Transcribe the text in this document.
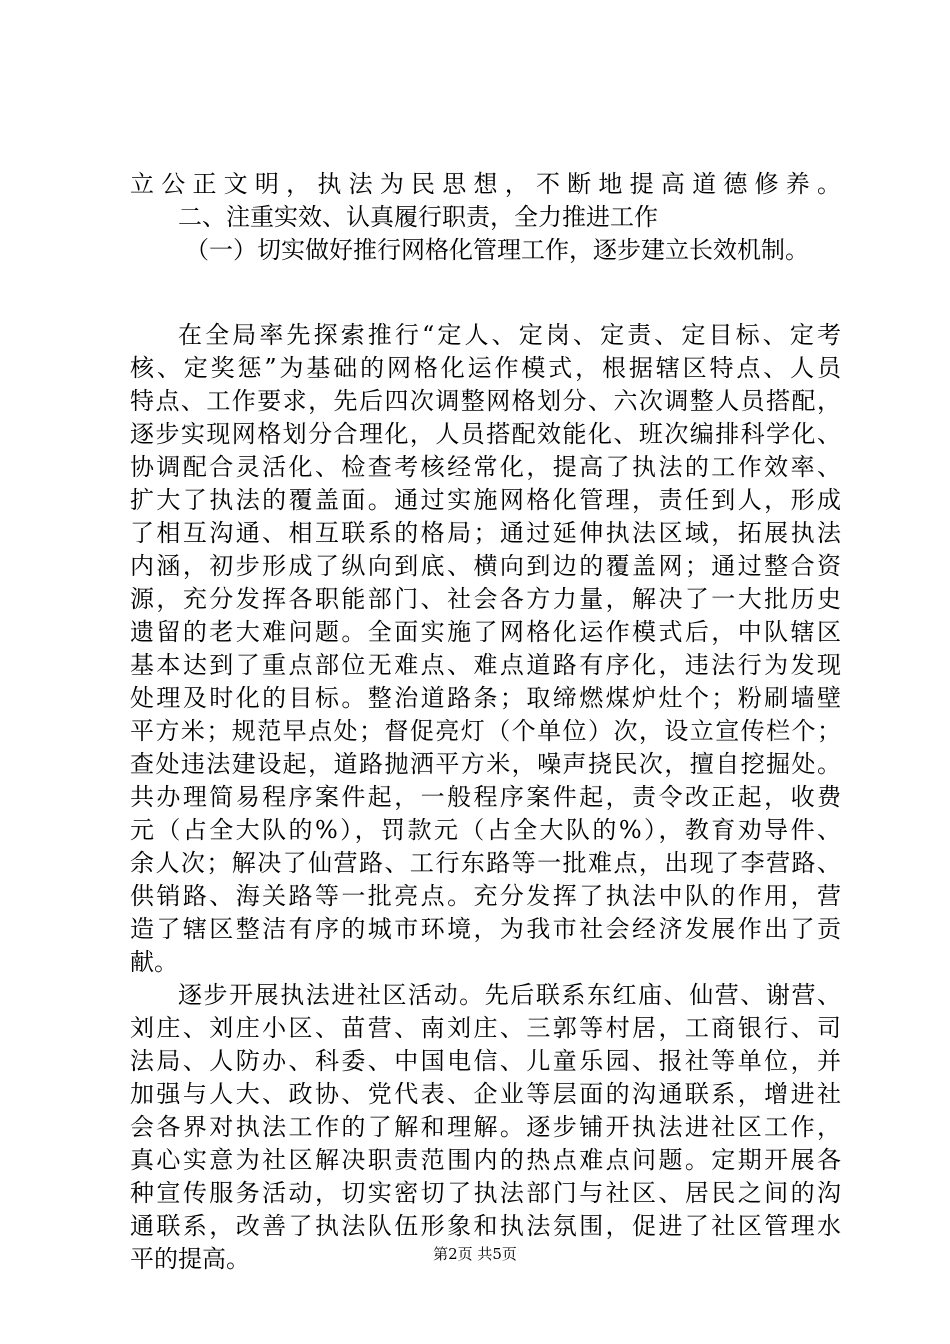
立公正文明，执法为民思想，不断地提高道德修养。
二、注重实效、认真履行职责，全力推进工作
（一）切实做好推行网格化管理工作，逐步建立长效机制。
在全局率先探索推行“定人、定岗、定责、定目标、定考
核、定奖惩”为基础的网格化运作模式，根据辖区特点、人员
特点、工作要求，先后四次调整网格划分、六次调整人员搭配，
逐步实现网格划分合理化，人员搭配效能化、班次编排科学化、
协调配合灵活化、检查考核经常化，提高了执法的工作效率、
扩大了执法的覆盖面。通过实施网格化管理，责任到人，形成
了相互沟通、相互联系的格局；通过延伸执法区域，拓展执法
内涵，初步形成了纵向到底、横向到边的覆盖网；通过整合资
源，充分发挥各职能部门、社会各方力量，解决了一大批历史
遗留的老大难问题。全面实施了网格化运作模式后，中队辖区
基本达到了重点部位无难点、难点道路有序化，违法行为发现
处理及时化的目标。整治道路条；取缔燃煤炉灶个；粉刷墙壁
平方米；规范早点处；督促亮灯（个单位）次，设立宣传栏个；
查处违法建设起，道路抛洒平方米，噪声挠民次，擅自挖掘处。
共办理简易程序案件起，一般程序案件起，责令改正起，收费
元（占全大队的%），罚款元（占全大队的%），教育劝导件、
余人次；解决了仙营路、工行东路等一批难点，出现了李营路、
供销路、海关路等一批亮点。充分发挥了执法中队的作用，营
造了辖区整洁有序的城市环境，为我市社会经济发展作出了贡
献。
逐步开展执法进社区活动。先后联系东红庙、仙营、谢营、
刘庄、刘庄小区、苗营、南刘庄、三郭等村居，工商银行、司
法局、人防办、科委、中国电信、儿童乐园、报社等单位，并
加强与人大、政协、党代表、企业等层面的沟通联系，增进社
会各界对执法工作的了解和理解。逐步铺开执法进社区工作，
真心实意为社区解决职责范围内的热点难点问题。定期开展各
种宣传服务活动，切实密切了执法部门与社区、居民之间的沟
通联系，改善了执法队伍形象和执法氛围，促进了社区管理水
平的提高。	第2页 共5页
